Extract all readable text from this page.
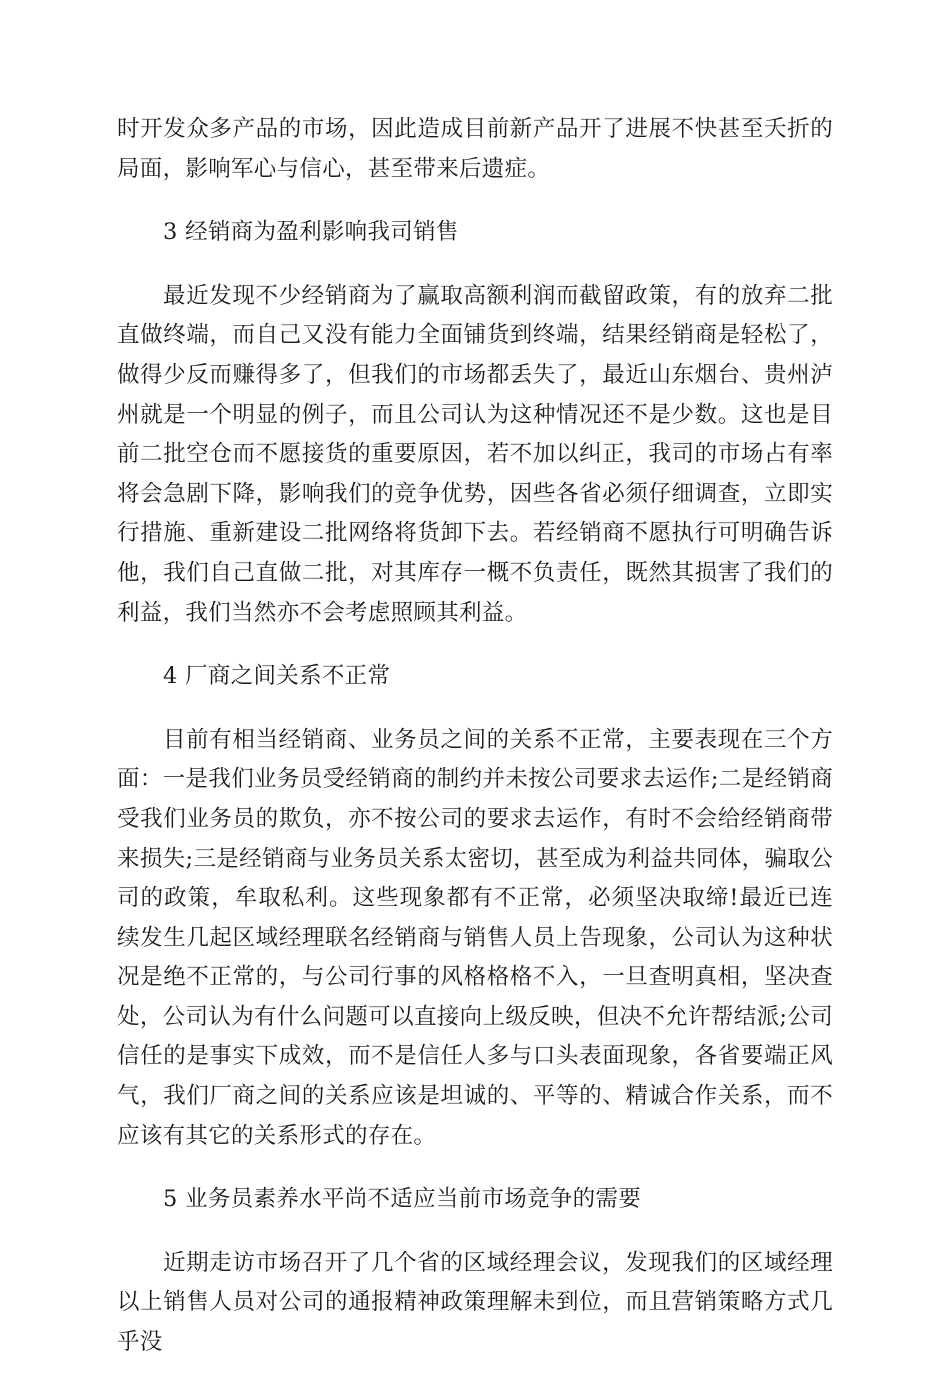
时开发众多产品的市场，因此造成目前新产品开了进展不快甚至夭折的局面，影响军心与信心，甚至带来后遗症。

3 经销商为盈利影响我司销售

最近发现不少经销商为了赢取高额利润而截留政策，有的放弃二批直做终端，而自己又没有能力全面铺货到终端，结果经销商是轻松了，做得少反而赚得多了，但我们的市场都丢失了，最近山东烟台、贵州泸州就是一个明显的例子，而且公司认为这种情况还不是少数。这也是目前二批空仓而不愿接货的重要原因，若不加以纠正，我司的市场占有率将会急剧下降，影响我们的竞争优势，因些各省必须仔细调查，立即实行措施、重新建设二批网络将货卸下去。若经销商不愿执行可明确告诉他，我们自己直做二批，对其库存一概不负责任，既然其损害了我们的利益，我们当然亦不会考虑照顾其利益。

4 厂商之间关系不正常

目前有相当经销商、业务员之间的关系不正常，主要表现在三个方面：一是我们业务员受经销商的制约并未按公司要求去运作;二是经销商受我们业务员的欺负，亦不按公司的要求去运作，有时不会给经销商带来损失;三是经销商与业务员关系太密切，甚至成为利益共同体，骗取公司的政策，牟取私利。这些现象都有不正常，必须坚决取缔!最近已连续发生几起区域经理联名经销商与销售人员上告现象，公司认为这种状况是绝不正常的，与公司行事的风格格格不入，一旦查明真相，坚决查处，公司认为有什么问题可以直接向上级反映，但决不允许帮结派;公司信任的是事实下成效，而不是信任人多与口头表面现象，各省要端正风气，我们厂商之间的关系应该是坦诚的、平等的、精诚合作关系，而不应该有其它的关系形式的存在。

5 业务员素养水平尚不适应当前市场竞争的需要

近期走访市场召开了几个省的区域经理会议，发现我们的区域经理以上销售人员对公司的通报精神政策理解未到位，而且营销策略方式几乎没
